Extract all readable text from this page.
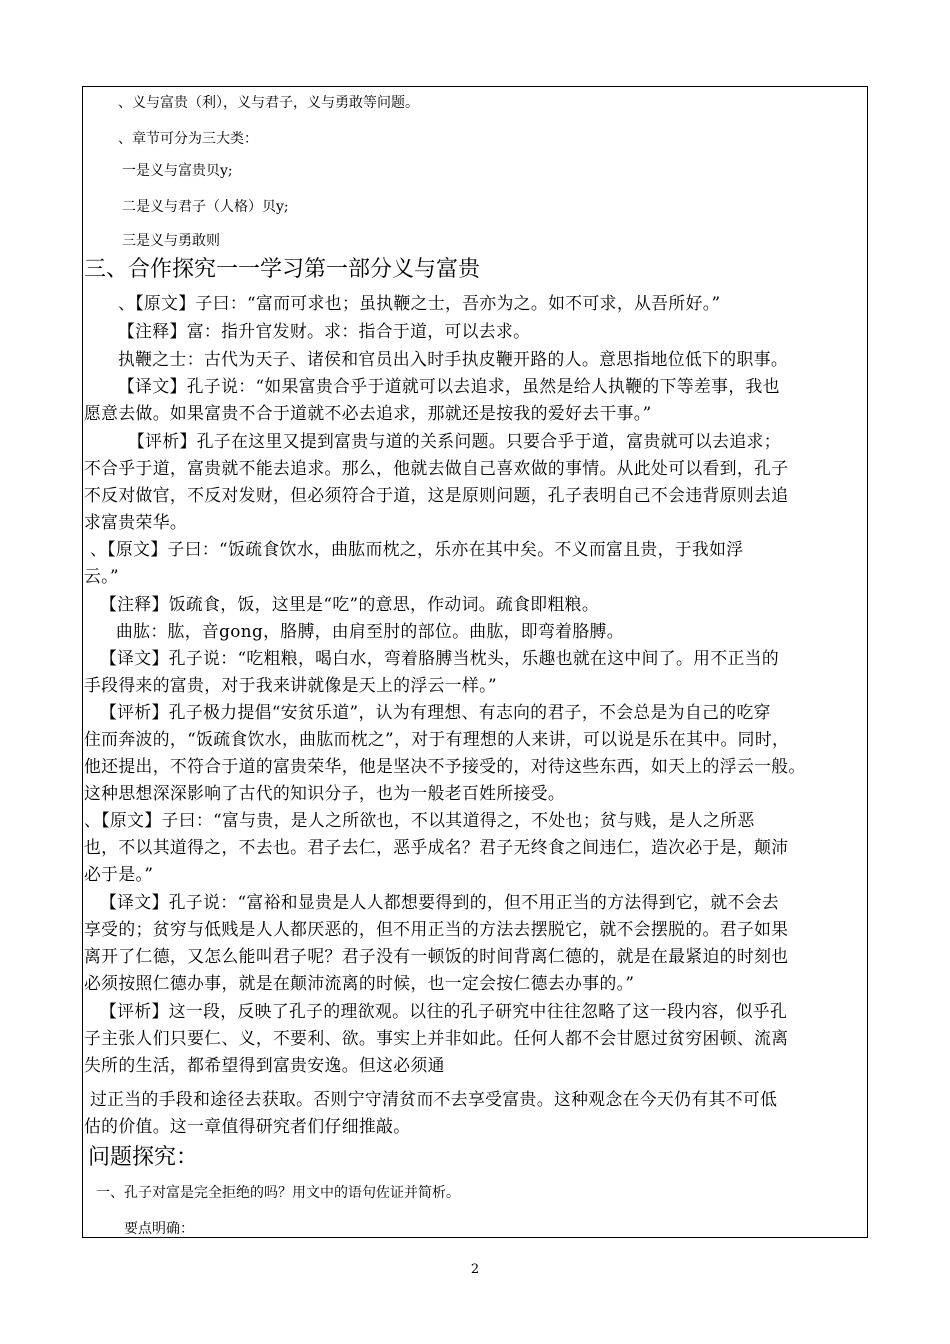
、义与富贵（利），义与君子，义与勇敢等问题。
、章节可分为三大类：
一是义与富贵贝y;
二是义与君子（人格）贝y;
三是义与勇敢则
三、合作探究一一学习第一部分义与富贵
、【原文】子曰：“富而可求也；虽执鞭之士，吾亦为之。如不可求，从吾所好。”
【注释】富：指升官发财。求：指合于道，可以去求。
执鞭之士：古代为天子、诸侯和官员出入时手执皮鞭开路的人。意思指地位低下的职事。
【译文】孔子说：“如果富贵合乎于道就可以去追求，虽然是给人执鞭的下等差事，我也
愿意去做。如果富贵不合于道就不必去追求，那就还是按我的爱好去干事。”
【评析】孔子在这里又提到富贵与道的关系问题。只要合乎于道，富贵就可以去追求；
不合乎于道，富贵就不能去追求。那么，他就去做自己喜欢做的事情。从此处可以看到，孔子
不反对做官，不反对发财，但必须符合于道，这是原则问题，孔子表明自己不会违背原则去追
求富贵荣华。
、【原文】子曰：“饭疏食饮水，曲肱而枕之，乐亦在其中矣。不义而富且贵，于我如浮
云。”
【注释】饭疏食，饭，这里是“吃”的意思，作动词。疏食即粗粮。
曲肱：肱，音gong，胳膊，由肩至肘的部位。曲肱，即弯着胳膊。
【译文】孔子说：“吃粗粮，喝白水，弯着胳膊当枕头，乐趣也就在这中间了。用不正当的
手段得来的富贵，对于我来讲就像是天上的浮云一样。”
【评析】孔子极力提倡“安贫乐道”，认为有理想、有志向的君子，不会总是为自己的吃穿
住而奔波的，“饭疏食饮水，曲肱而枕之”，对于有理想的人来讲，可以说是乐在其中。同时，
他还提出，不符合于道的富贵荣华，他是坚决不予接受的，对待这些东西，如天上的浮云一般。
这种思想深深影响了古代的知识分子，也为一般老百姓所接受。
、【原文】子曰：“富与贵，是人之所欲也，不以其道得之，不处也；贫与贱，是人之所恶
也，不以其道得之，不去也。君子去仁，恶乎成名？君子无终食之间违仁，造次必于是，颠沛
必于是。”
【译文】孔子说：“富裕和显贵是人人都想要得到的，但不用正当的方法得到它，就不会去
享受的；贫穷与低贱是人人都厌恶的，但不用正当的方法去摆脱它，就不会摆脱的。君子如果
离开了仁德，又怎么能叫君子呢？君子没有一顿饭的时间背离仁德的，就是在最紧迫的时刻也
必须按照仁德办事，就是在颠沛流离的时候，也一定会按仁德去办事的。”
【评析】这一段，反映了孔子的理欲观。以往的孔子研究中往往忽略了这一段内容，似乎孔
子主张人们只要仁、义，不要利、欲。事实上并非如此。任何人都不会甘愿过贫穷困顿、流离
失所的生活，都希望得到富贵安逸。但这必须通
过正当的手段和途径去获取。否则宁守清贫而不去享受富贵。这种观念在今天仍有其不可低
估的价值。这一章值得研究者们仔细推敲。
问题探究：
一、孔子对富是完全拒绝的吗？用文中的语句佐证并简析。
要点明确：
2
